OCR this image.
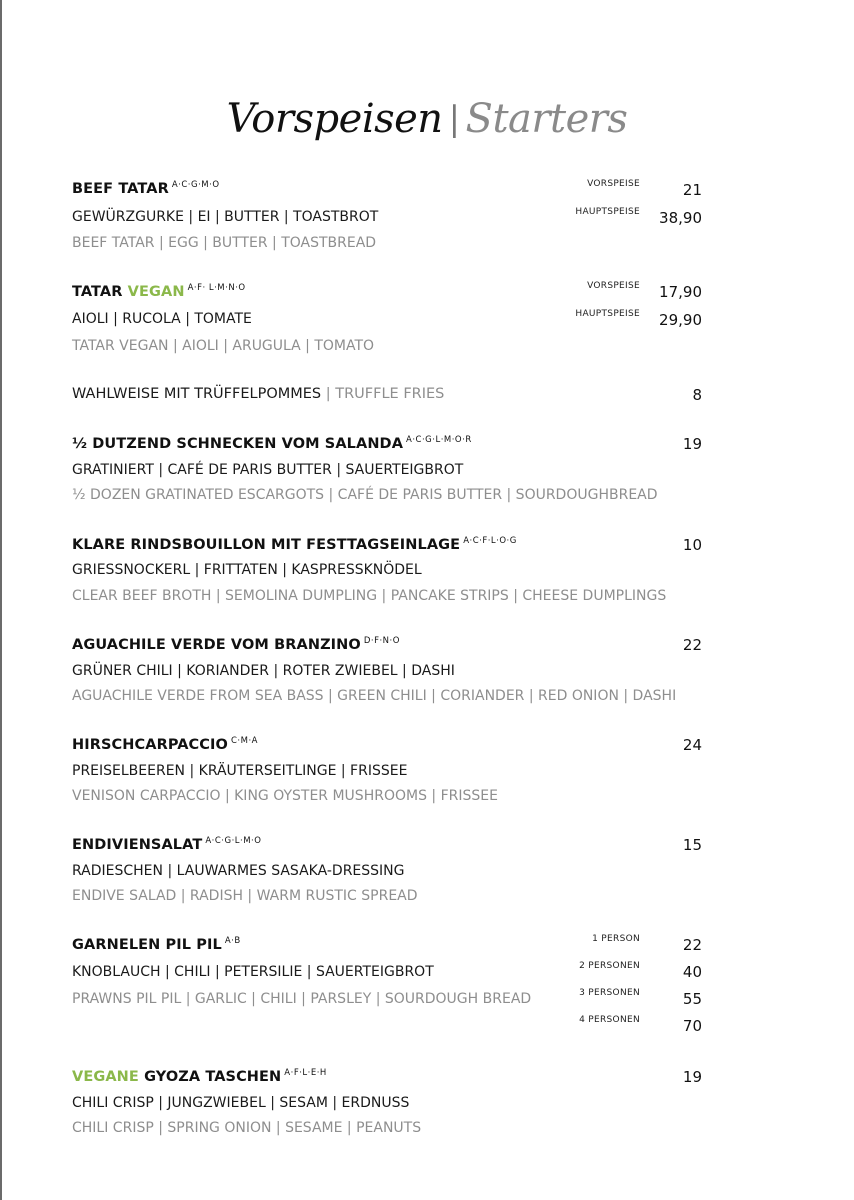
Vorspeisen | Starters
BEEF TATAR $^{A\cdot C\cdot G\cdot M\cdot O}$	VORSPEISE	21
GEWÜRZGURKE | EI | BUTTER | TOASTBROT	HAUPTSPEISE	38,90
BEEF TATAR | EGG | BUTTER | TOASTBREAD
TATAR VEGAN $^{A\cdot F\cdot L\cdot M\cdot N\cdot O}$	VORSPEISE	17,90
AIOLI | RUCOLA | TOMATE	HAUPTSPEISE	29,90
TATAR VEGAN | AIOLI | ARUGULA | TOMATO
WAHLWEISE MIT TRÜFFELPOMMES | TRUFFLE FRIES	8
½ DUTZEND SCHNECKEN VOM SALANDA $^{A\cdot C\cdot G\cdot L\cdot M\cdot O\cdot R}$	19
GRATINIERT | CAFÉ DE PARIS BUTTER | SAUERTEIGBROT
½ DOZEN GRATINATED ESCARGOTS | CAFÉ DE PARIS BUTTER | SOURDOUGHBREAD
KLARE RINDSBOUILLON MIT FESTTAGSEINLAGE $^{A\cdot C\cdot F\cdot L\cdot O\cdot G}$	10
GRIESSNOCKERL | FRITTATEN | KASPRESSKNÖDEL
CLEAR BEEF BROTH | SEMOLINA DUMPLING | PANCAKE STRIPS | CHEESE DUMPLINGS
AGUACHILE VERDE VOM BRANZINO $^{D\cdot F\cdot N\cdot O}$	22
GRÜNER CHILI | KORIANDER | ROTER ZWIEBEL | DASHI
AGUACHILE VERDE FROM SEA BASS | GREEN CHILI | CORIANDER | RED ONION | DASHI
HIRSCHCARPACCIO $^{C\cdot M\cdot A}$	24
PREISELBEEREN | KRÄUTERSEITLINGE | FRISSEE
VENISON CARPACCIO | KING OYSTER MUSHROOMS | FRISSEE
ENDIVIENSALAT $^{A\cdot C\cdot G\cdot L\cdot M\cdot O}$	15
RADIESCHEN | LAUWARMES SASAKA-DRESSING
ENDIVE SALAD | RADISH | WARM RUSTIC SPREAD
GARNELEN PIL PIL $^{A\cdot B}$
KNOBLAUCH | CHILI | PETERSILIE | SAUERTEIGBROT
PRAWNS PIL PIL | GARLIC | CHILI | PARSLEY | SOURDOUGH BREAD
1 PERSON	22
2 PERSONEN	40
3 PERSONEN	55
4 PERSONEN	70
VEGANE GYOZA TASCHEN $^{A\cdot F\cdot L\cdot E\cdot H}$	19
CHILI CRISP | JUNGZWIEBEL | SESAM | ERDNUSS
CHILI CRISP | SPRING ONION | SESAME | PEANUTS
